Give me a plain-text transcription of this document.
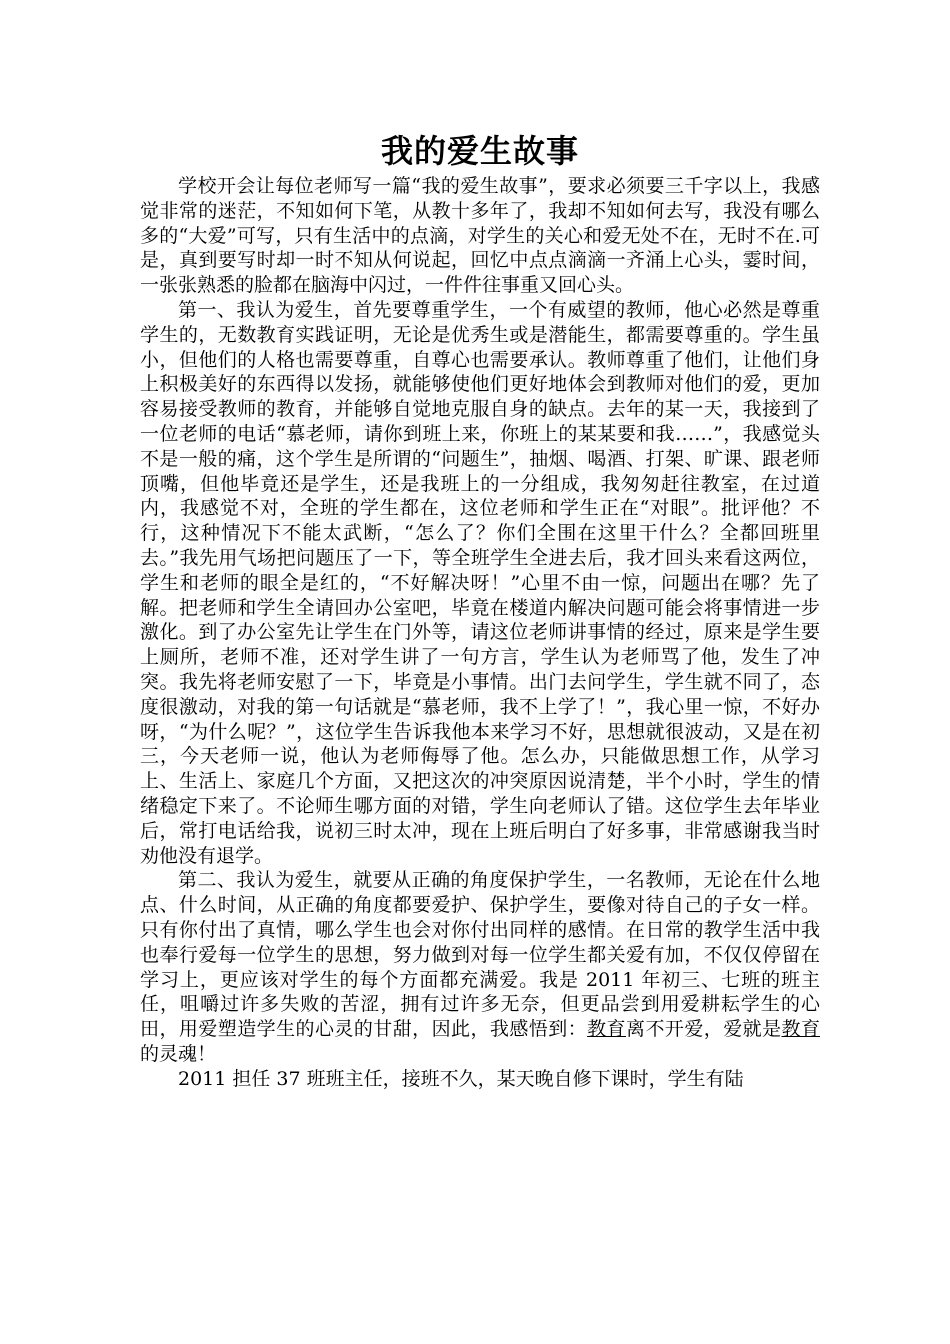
我的爱生故事

学校开会让每位老师写一篇“我的爱生故事”，要求必须要三千字以上，我感觉非常的迷茫，不知如何下笔，从教十多年了，我却不知如何去写，我没有哪么多的“大爱”可写，只有生活中的点滴，对学生的关心和爱无处不在，无时不在.可是，真到要写时却一时不知从何说起，回忆中点点滴滴一齐涌上心头，霎时间，一张张熟悉的脸都在脑海中闪过，一件件往事重又回心头。

第一、我认为爱生，首先要尊重学生，一个有威望的教师，他心必然是尊重学生的，无数教育实践证明，无论是优秀生或是潜能生，都需要尊重的。学生虽小，但他们的人格也需要尊重，自尊心也需要承认。教师尊重了他们，让他们身上积极美好的东西得以发扬，就能够使他们更好地体会到教师对他们的爱，更加容易接受教师的教育，并能够自觉地克服自身的缺点。去年的某一天，我接到了一位老师的电话“慕老师，请你到班上来，你班上的某某要和我……”，我感觉头不是一般的痛，这个学生是所谓的“问题生”，抽烟、喝酒、打架、旷课、跟老师顶嘴，但他毕竟还是学生，还是我班上的一分组成，我匆匆赶往教室，在过道内，我感觉不对，全班的学生都在，这位老师和学生正在“对眼”。批评他？不行，这种情况下不能太武断，“怎么了？你们全围在这里干什么？全都回班里去。”我先用气场把问题压了一下，等全班学生全进去后，我才回头来看这两位，学生和老师的眼全是红的，“不好解决呀！”心里不由一惊，问题出在哪？先了解。把老师和学生全请回办公室吧，毕竟在楼道内解决问题可能会将事情进一步激化。到了办公室先让学生在门外等，请这位老师讲事情的经过，原来是学生要上厕所，老师不准，还对学生讲了一句方言，学生认为老师骂了他，发生了冲突。我先将老师安慰了一下，毕竟是小事情。出门去问学生，学生就不同了，态度很激动，对我的第一句话就是“慕老师，我不上学了！”，我心里一惊，不好办呀，“为什么呢？”，这位学生告诉我他本来学习不好，思想就很波动，又是在初三，今天老师一说，他认为老师侮辱了他。怎么办，只能做思想工作，从学习上、生活上、家庭几个方面，又把这次的冲突原因说清楚，半个小时，学生的情绪稳定下来了。不论师生哪方面的对错，学生向老师认了错。这位学生去年毕业后，常打电话给我，说初三时太冲，现在上班后明白了好多事，非常感谢我当时劝他没有退学。

第二、我认为爱生，就要从正确的角度保护学生，一名教师，无论在什么地点、什么时间，从正确的角度都要爱护、保护学生，要像对待自己的子女一样。只有你付出了真情，哪么学生也会对你付出同样的感情。在日常的教学生活中我也奉行爱每一位学生的思想，努力做到对每一位学生都关爱有加，不仅仅停留在学习上，更应该对学生的每个方面都充满爱。我是 2011 年初三、七班的班主任，咀嚼过许多失败的苦涩，拥有过许多无奈，但更品尝到用爱耕耘学生的心田，用爱塑造学生的心灵的甘甜，因此，我感悟到：教育离不开爱，爱就是教育的灵魂！

2011 担任 37 班班主任，接班不久，某天晚自修下课时，学生有陆
